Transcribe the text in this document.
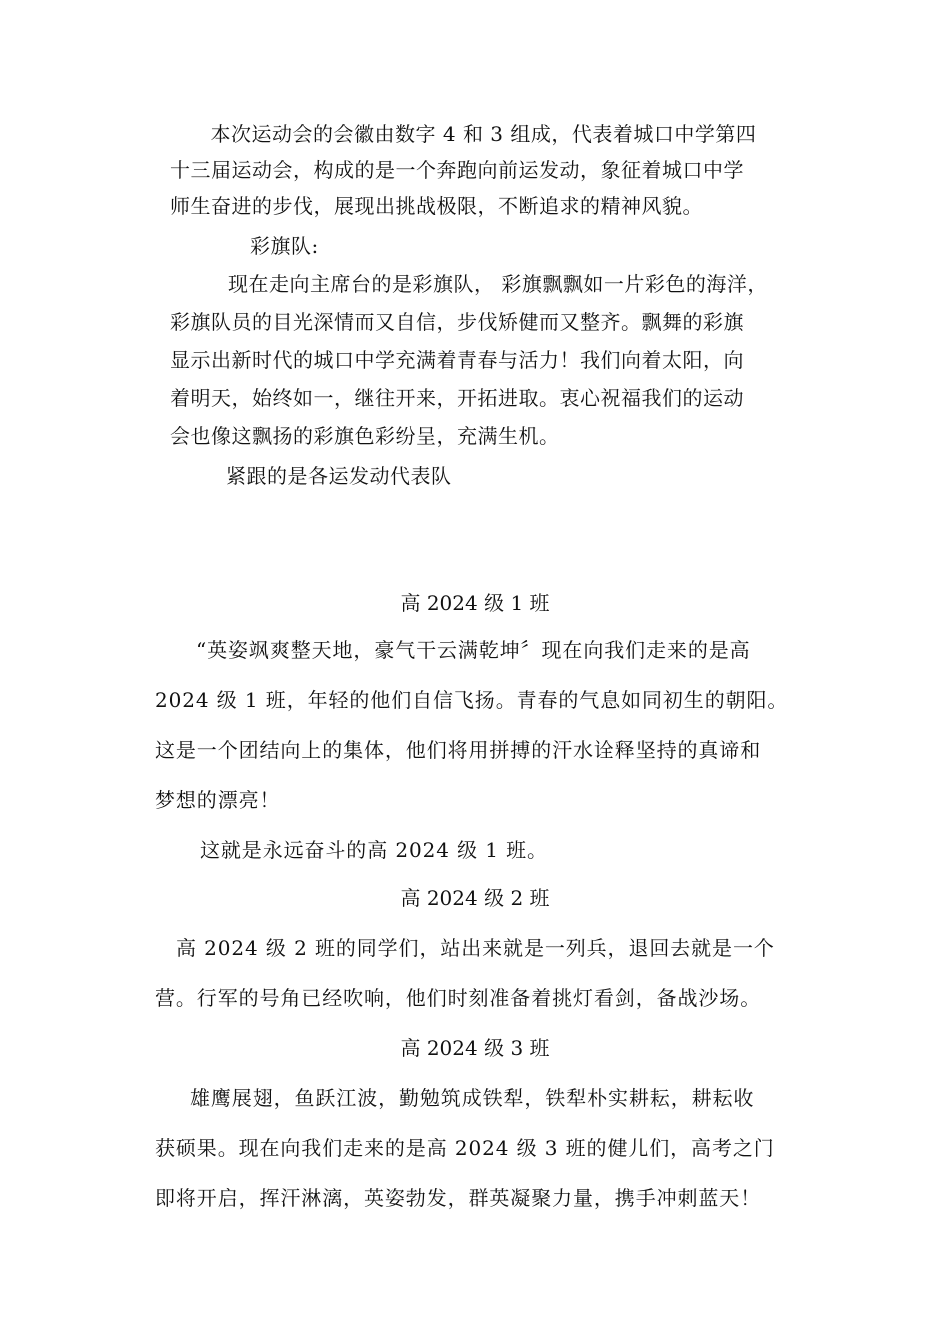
　本次运动会的会徽由数字 4 和 3 组成，代表着城口中学第四

十三届运动会，构成的是一个奔跑向前运发动，象征着城口中学

师生奋进的步伐，展现出挑战极限，不断追求的精神风貌。

彩旗队:

现在走向主席台的是彩旗队， 彩旗飘飘如一片彩色的海洋，

彩旗队员的目光深情而又自信，步伐矫健而又整齐。飘舞的彩旗

显示出新时代的城口中学充满着青春与活力！我们向着太阳，向

着明天，始终如一，继往开来，开拓进取。衷心祝福我们的运动

会也像这飘扬的彩旗色彩纷呈，充满生机。

紧跟的是各运发动代表队

高 2024 级 1 班

“英姿飒爽整天地，豪气干云满乾坤〞现在向我们走来的是高

2024 级 1 班，年轻的他们自信飞扬。青春的气息如同初生的朝阳。

这是一个团结向上的集体，他们将用拼搏的汗水诠释坚持的真谛和

梦想的漂亮！

这就是永远奋斗的高 2024 级 1 班。

高 2024 级 2 班

高 2024 级 2 班的同学们，站出来就是一列兵，退回去就是一个

营。行军的号角已经吹响，他们时刻准备着挑灯看剑，备战沙场。

高 2024 级 3 班

雄鹰展翅，鱼跃江波，勤勉筑成铁犁，铁犁朴实耕耘，耕耘收

获硕果。现在向我们走来的是高 2024 级 3 班的健儿们，高考之门

即将开启，挥汗淋漓，英姿勃发，群英凝聚力量，携手冲刺蓝天！
